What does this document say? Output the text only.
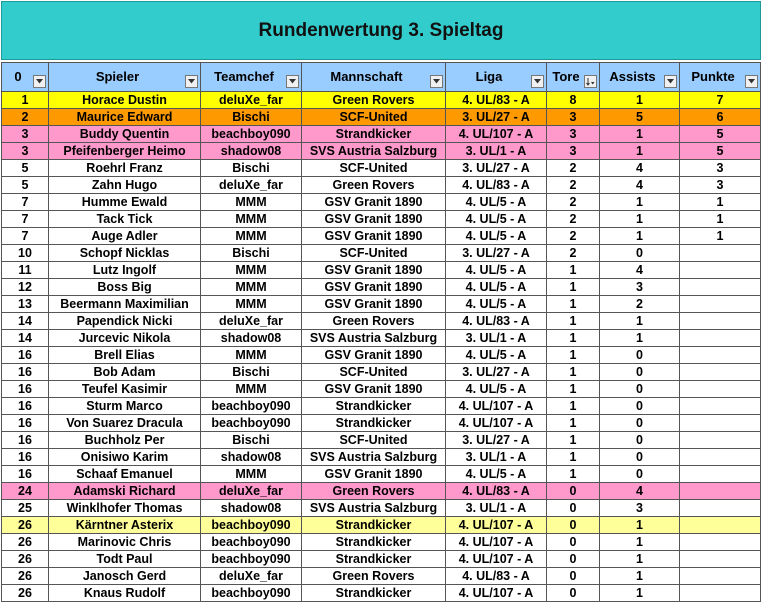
Rundenwertung 3. Spieltag
0	Spieler	Teamchef	Mannschaft	Liga	Tore	Assists	Punkte

1	Horace Dustin	deluXe_far	Green Rovers	4. UL/83 - A	8	1	7
2	Maurice Edward	Bischi	SCF-United	3. UL/27 - A	3	5	6
3	Buddy Quentin	beachboy090	Strandkicker	4. UL/107 - A	3	1	5
3	Pfeifenberger Heimo	shadow08	SVS Austria Salzburg	3. UL/1 - A	3	1	5
5	Roehrl Franz	Bischi	SCF-United	3. UL/27 - A	2	4	3
5	Zahn Hugo	deluXe_far	Green Rovers	4. UL/83 - A	2	4	3
7	Humme Ewald	MMM	GSV Granit 1890	4. UL/5 - A	2	1	1
7	Tack Tick	MMM	GSV Granit 1890	4. UL/5 - A	2	1	1
7	Auge Adler	MMM	GSV Granit 1890	4. UL/5 - A	2	1	1
10	Schopf Nicklas	Bischi	SCF-United	3. UL/27 - A	2	0	
11	Lutz Ingolf	MMM	GSV Granit 1890	4. UL/5 - A	1	4	
12	Boss Big	MMM	GSV Granit 1890	4. UL/5 - A	1	3	
13	Beermann Maximilian	MMM	GSV Granit 1890	4. UL/5 - A	1	2	
14	Papendick Nicki	deluXe_far	Green Rovers	4. UL/83 - A	1	1	
14	Jurcevic Nikola	shadow08	SVS Austria Salzburg	3. UL/1 - A	1	1	
16	Brell Elias	MMM	GSV Granit 1890	4. UL/5 - A	1	0	
16	Bob Adam	Bischi	SCF-United	3. UL/27 - A	1	0	
16	Teufel Kasimir	MMM	GSV Granit 1890	4. UL/5 - A	1	0	
16	Sturm Marco	beachboy090	Strandkicker	4. UL/107 - A	1	0	
16	Von Suarez Dracula	beachboy090	Strandkicker	4. UL/107 - A	1	0	
16	Buchholz Per	Bischi	SCF-United	3. UL/27 - A	1	0	
16	Onisiwo Karim	shadow08	SVS Austria Salzburg	3. UL/1 - A	1	0	
16	Schaaf Emanuel	MMM	GSV Granit 1890	4. UL/5 - A	1	0	
24	Adamski Richard	deluXe_far	Green Rovers	4. UL/83 - A	0	4	
25	Winklhofer Thomas	shadow08	SVS Austria Salzburg	3. UL/1 - A	0	3	
26	Kärntner Asterix	beachboy090	Strandkicker	4. UL/107 - A	0	1	
26	Marinovic Chris	beachboy090	Strandkicker	4. UL/107 - A	0	1	
26	Todt Paul	beachboy090	Strandkicker	4. UL/107 - A	0	1	
26	Janosch Gerd	deluXe_far	Green Rovers	4. UL/83 - A	0	1	
26	Knaus Rudolf	beachboy090	Strandkicker	4. UL/107 - A	0	1	
